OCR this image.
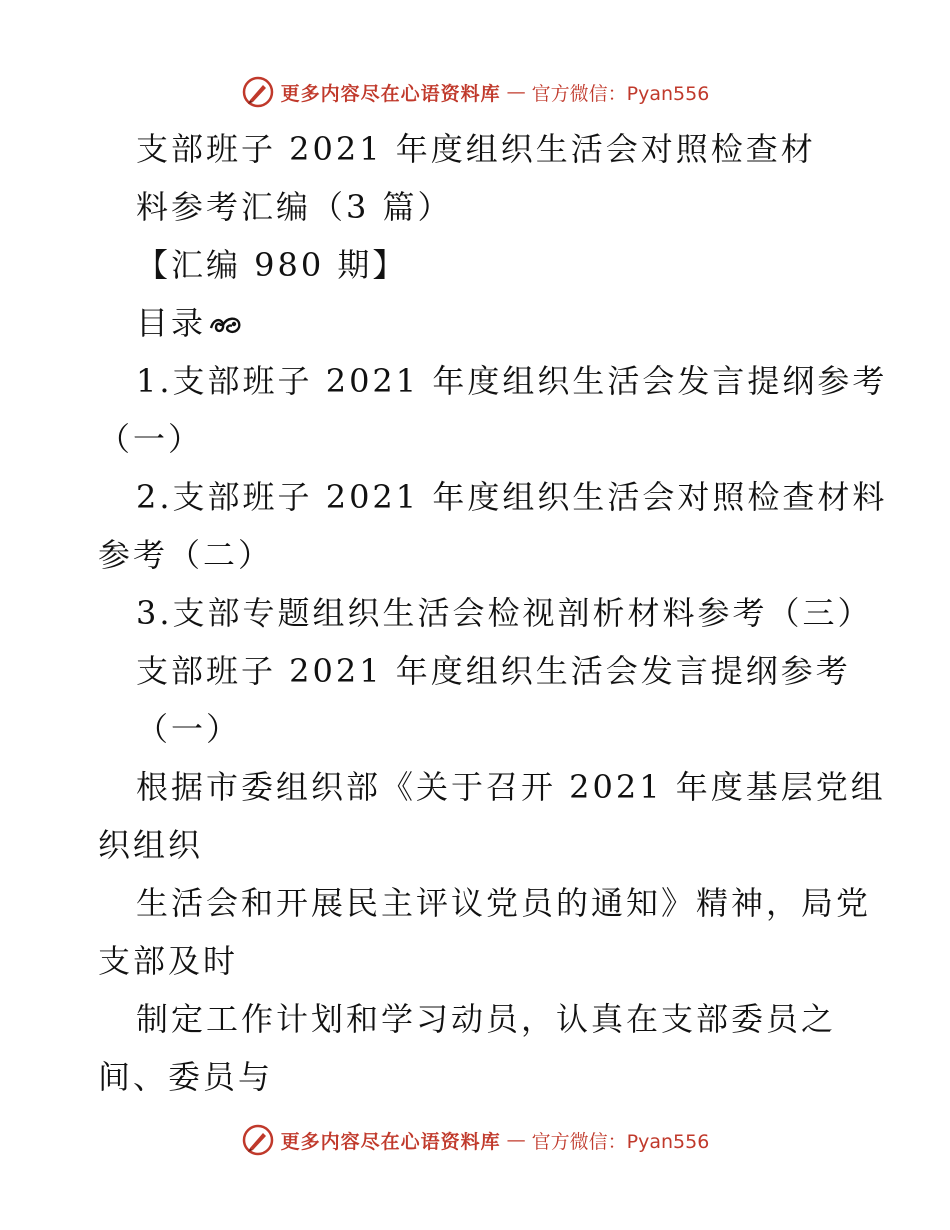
更多内容尽在心语资料库 — 官方微信：Pyan556
支部班子 2021 年度组织生活会对照检查材
料参考汇编（3 篇）
【汇编 980 期】
目录
1.支部班子 2021 年度组织生活会发言提纲参考
（一）
2.支部班子 2021 年度组织生活会对照检查材料
参考（二）
3.支部专题组织生活会检视剖析材料参考（三）
支部班子 2021 年度组织生活会发言提纲参考
（一）
根据市委组织部《关于召开 2021 年度基层党组
织组织
生活会和开展民主评议党员的通知》精神，局党
支部及时
制定工作计划和学习动员，认真在支部委员之
间、委员与
更多内容尽在心语资料库 — 官方微信：Pyan556
